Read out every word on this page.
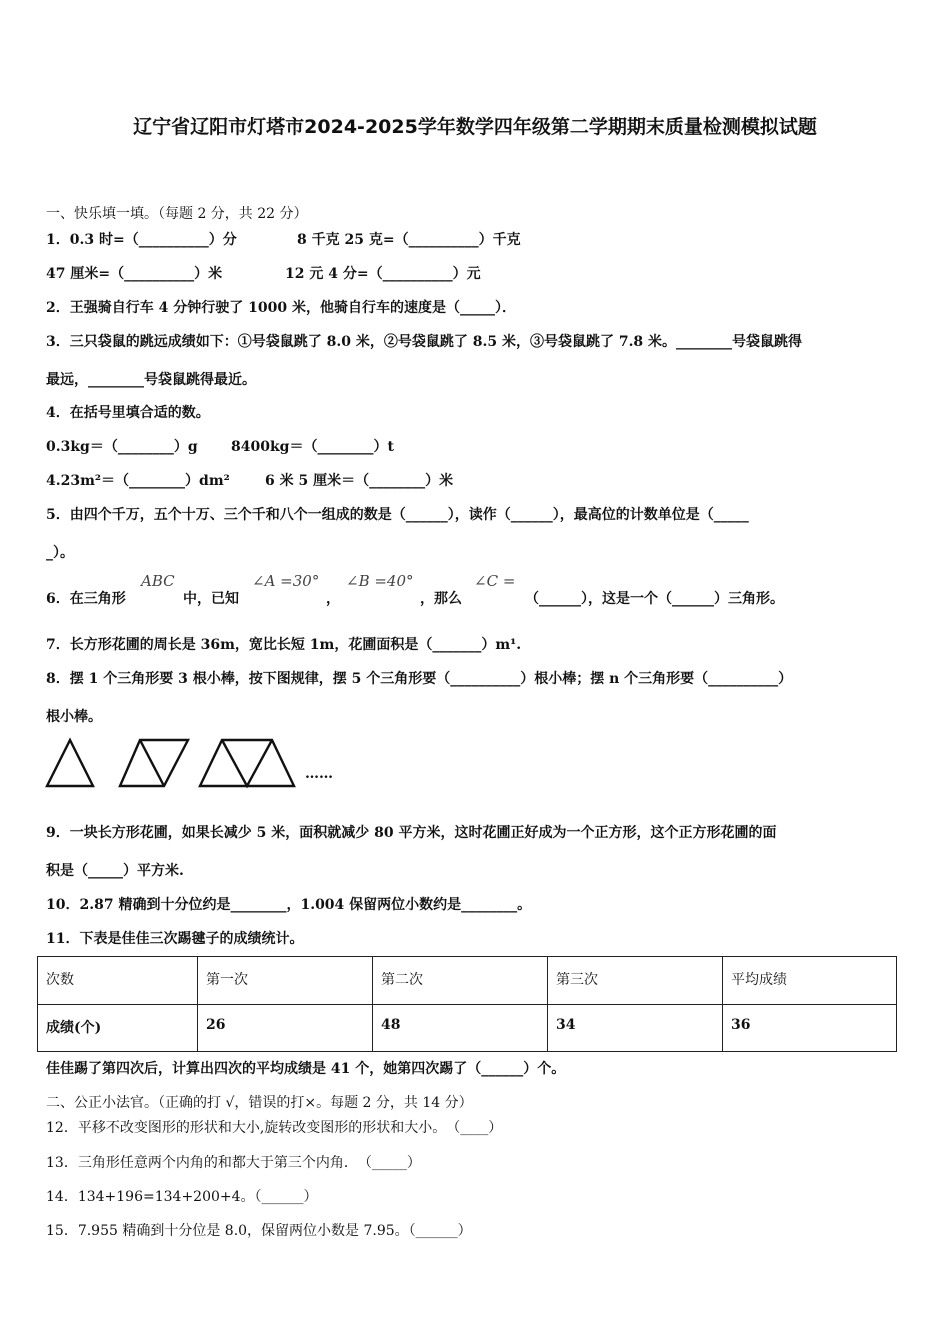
辽宁省辽阳市灯塔市2024-2025学年数学四年级第二学期期末质量检测模拟试题
一、快乐填一填。（每题 2 分，共 22 分）
1．0.3 时=（__________）分	8 千克 25 克=（__________）千克
47 厘米=（__________）米	12 元 4 分=（__________）元
2．王强骑自行车 4 分钟行驶了 1000 米，他骑自行车的速度是（_____）．
3．三只袋鼠的跳远成绩如下：①号袋鼠跳了 8.0 米，②号袋鼠跳了 8.5 米，③号袋鼠跳了 7.8 米。________号袋鼠跳得
最远，________号袋鼠跳得最近。
4．在括号里填合适的数。
0.3kg＝（________）g 8400kg＝（________）t
4.23m²＝（________）dm²	6 米 5 厘米＝（________）米
5．由四个千万，五个十万、三个千和八个一组成的数是（______），读作（______），最高位的计数单位是（_____
_）。
6．在三角形
ABC
中，已知
∠A =30°
，
∠B =40°
，那么
∠C =
（______），这是一个（______）三角形。
7．长方形花圃的周长是 36m，宽比长短 1m，花圃面积是（_______）m¹.
8．摆 1 个三角形要 3 根小棒，按下图规律，摆 5 个三角形要（__________）根小棒；摆 n 个三角形要（__________）
根小棒。
……
9．一块长方形花圃，如果长减少 5 米，面积就减少 80 平方米，这时花圃正好成为一个正方形，这个正方形花圃的面
积是（_____）平方米.
10．2.87 精确到十分位约是________，1.004 保留两位小数约是________。
11．下表是佳佳三次踢毽子的成绩统计。
次数	第一次	第二次	第三次	平均成绩
成绩(个)	26	48	34	36
佳佳踢了第四次后，计算出四次的平均成绩是 41 个，她第四次踢了（______）个。
二、公正小法官。（正确的打 √，错误的打×。每题 2 分，共 14 分）
12．平移不改变图形的形状和大小,旋转改变图形的形状和大小。　（____）
13．三角形任意两个内角的和都大于第三个内角．　（_____）
14．134+196=134+200+4。（______）
15．7.955 精确到十分位是 8.0，保留两位小数是 7.95。（______）
